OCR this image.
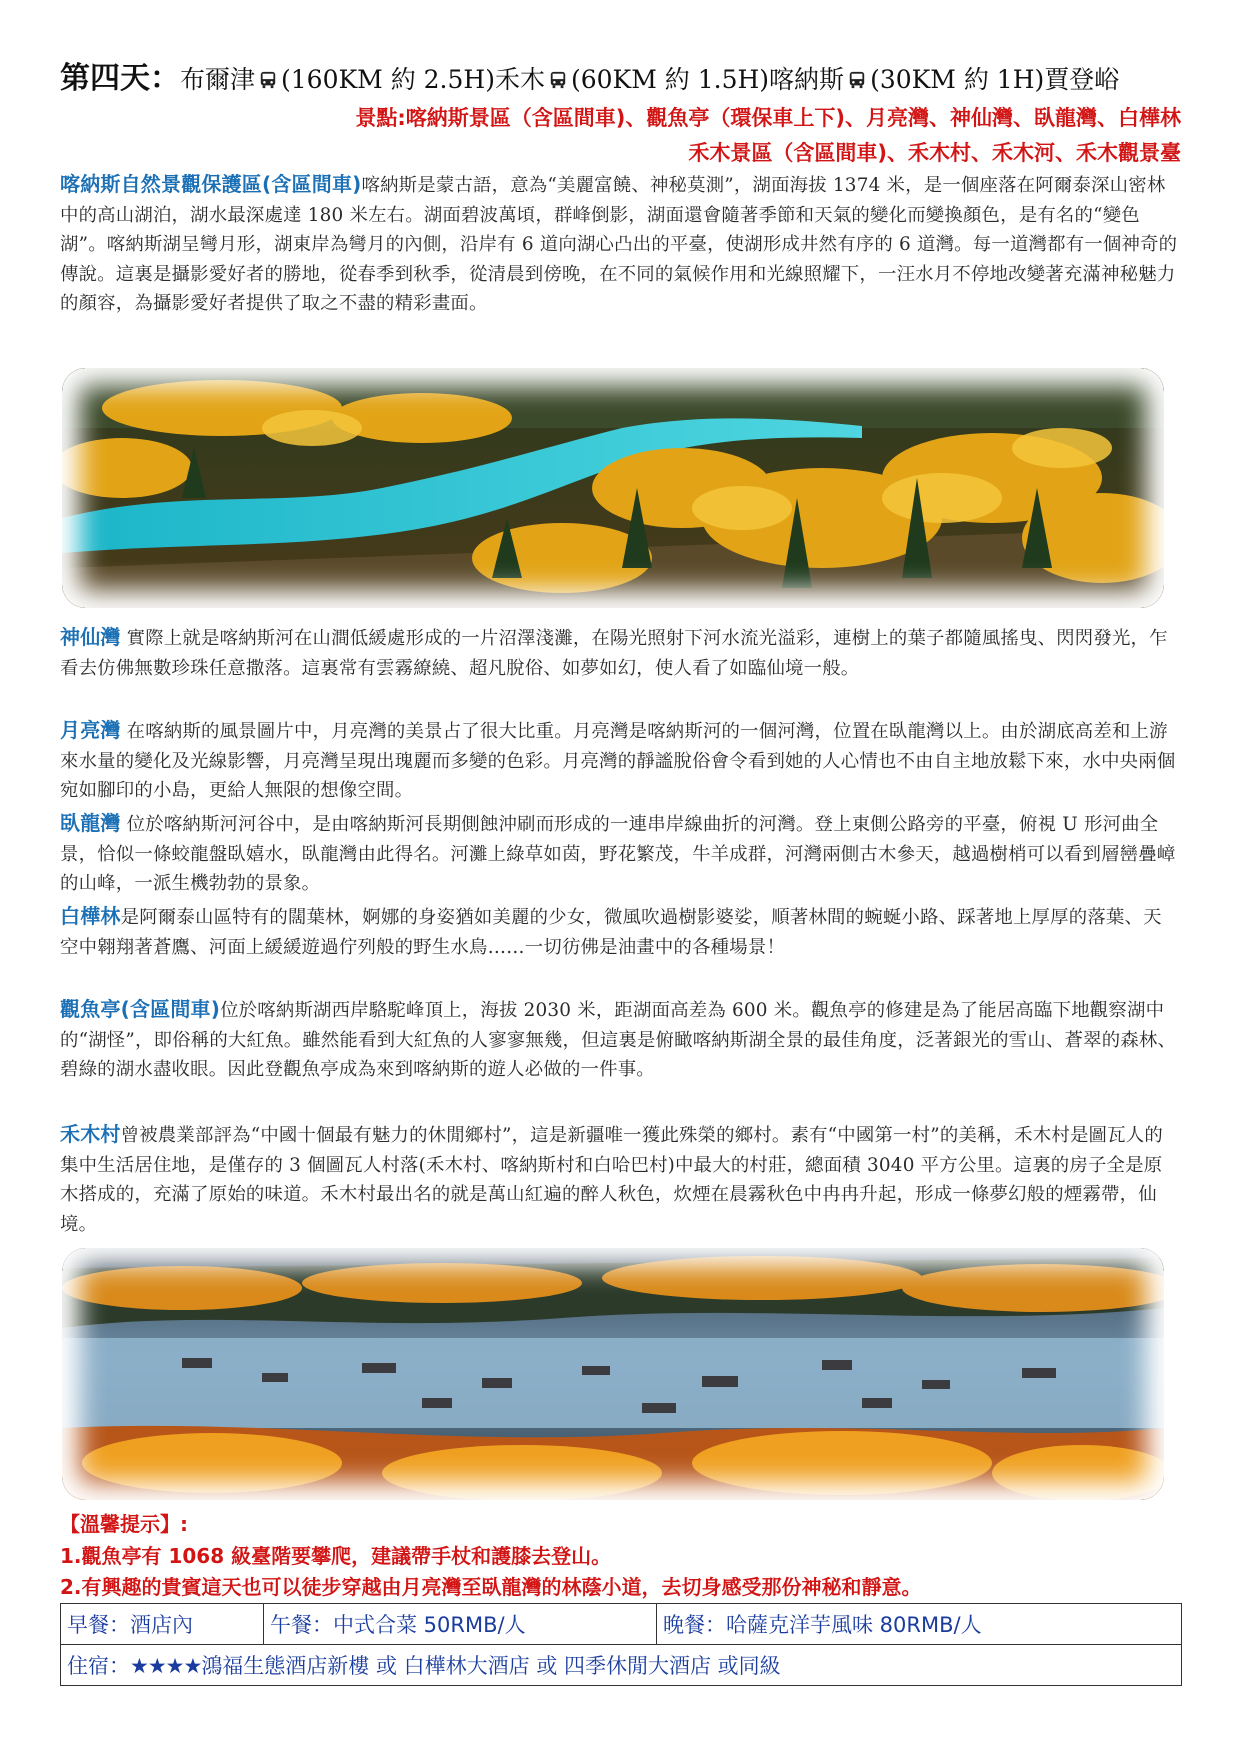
第四天：布爾津 (160KM 約 2.5H)禾木 (60KM 約 1.5H)喀納斯 (30KM 約 1H)賈登峪
景點:喀納斯景區（含區間車)、觀魚亭（環保車上下)、月亮灣、神仙灣、臥龍灣、白樺林
禾木景區（含區間車)、禾木村、禾木河、禾木觀景臺
喀納斯自然景觀保護區(含區間車)喀納斯是蒙古語，意為“美麗富饒、神秘莫測”，湖面海拔 1374 米，是一個座落在阿爾泰深山密林中的高山湖泊，湖水最深處達 180 米左右。湖面碧波萬頃，群峰倒影，湖面還會隨著季節和天氣的變化而變換顏色，是有名的“變色湖”。喀納斯湖呈彎月形，湖東岸為彎月的內側，沿岸有 6 道向湖心凸出的平臺，使湖形成井然有序的 6 道灣。每一道灣都有一個神奇的傳說。這裏是攝影愛好者的勝地，從春季到秋季，從清晨到傍晚，在不同的氣候作用和光線照耀下，一汪水月不停地改變著充滿神秘魅力的顏容，為攝影愛好者提供了取之不盡的精彩畫面。
神仙灣 實際上就是喀納斯河在山澗低緩處形成的一片沼澤淺灘，在陽光照射下河水流光溢彩，連樹上的葉子都隨風搖曳、閃閃發光，乍看去仿佛無數珍珠任意撒落。這裏常有雲霧繚繞、超凡脫俗、如夢如幻，使人看了如臨仙境一般。
月亮灣 在喀納斯的風景圖片中，月亮灣的美景占了很大比重。月亮灣是喀納斯河的一個河灣，位置在臥龍灣以上。由於湖底高差和上游來水量的變化及光線影響，月亮灣呈現出瑰麗而多變的色彩。月亮灣的靜謐脫俗會令看到她的人心情也不由自主地放鬆下來，水中央兩個宛如腳印的小島，更給人無限的想像空間。
臥龍灣 位於喀納斯河河谷中，是由喀納斯河長期側蝕沖刷而形成的一連串岸線曲折的河灣。登上東側公路旁的平臺，俯視 U 形河曲全景，恰似一條蛟龍盤臥嬉水，臥龍灣由此得名。河灘上綠草如茵，野花繁茂，牛羊成群，河灣兩側古木參天，越過樹梢可以看到層巒疊嶂的山峰，一派生機勃勃的景象。
白樺林是阿爾泰山區特有的闊葉林，婀娜的身姿猶如美麗的少女，微風吹過樹影婆娑，順著林間的蜿蜒小路、踩著地上厚厚的落葉、天空中翱翔著蒼鷹、河面上緩緩遊過佇列般的野生水鳥……一切彷佛是油畫中的各種場景！
觀魚亭(含區間車)位於喀納斯湖西岸駱駝峰頂上，海拔 2030 米，距湖面高差為 600 米。觀魚亭的修建是為了能居高臨下地觀察湖中的“湖怪”，即俗稱的大紅魚。雖然能看到大紅魚的人寥寥無幾，但這裏是俯瞰喀納斯湖全景的最佳角度，泛著銀光的雪山、蒼翠的森林、碧綠的湖水盡收眼。因此登觀魚亭成為來到喀納斯的遊人必做的一件事。
禾木村曾被農業部評為“中國十個最有魅力的休閒鄉村”，這是新疆唯一獲此殊榮的鄉村。素有“中國第一村”的美稱，禾木村是圖瓦人的集中生活居住地，是僅存的 3 個圖瓦人村落(禾木村、喀納斯村和白哈巴村)中最大的村莊，總面積 3040 平方公里。這裏的房子全是原木搭成的，充滿了原始的味道。禾木村最出名的就是萬山紅遍的醉人秋色，炊煙在晨霧秋色中冉冉升起，形成一條夢幻般的煙霧帶，仙境。
【溫馨提示】:
1.觀魚亭有 1068 級臺階要攀爬，建議帶手杖和護膝去登山。
2.有興趣的貴賓這天也可以徒步穿越由月亮灣至臥龍灣的林蔭小道，去切身感受那份神秘和靜意。
早餐：酒店內	午餐：中式合菜 50RMB/人	晚餐：哈薩克洋芋風味 80RMB/人
住宿：★★★★鴻福生態酒店新樓 或 白樺林大酒店 或 四季休閒大酒店 或同級
